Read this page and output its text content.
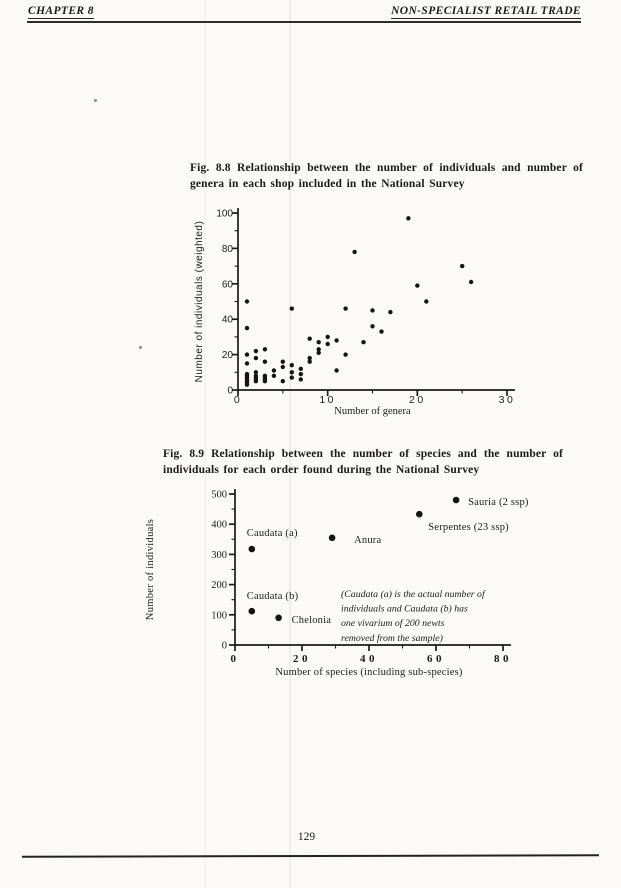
CHAPTER 8	NON-SPECIALIST RETAIL TRADE

Fig. 8.8 Relationship between the number of individuals and number of genera in each shop included in the National Survey

0	10	20	30
0
20
40
60
80
100
Number of genera
Number of individuals (weighted)

Fig. 8.9 Relationship between the number of species and the number of individuals for each order found during the National Survey

0	20	40	60	80
0
100
200
300
400
500
Number of species (including sub-species)
Number of individuals	Caudata (a)
Caudata (b)
Chelonia
Anura
Serpentes (23 ssp)
Sauria (2 ssp)
(Caudata (a) is the actual number of
individuals and Caudata (b) has
one vivarium of 200 newts
removed from the sample)
129
